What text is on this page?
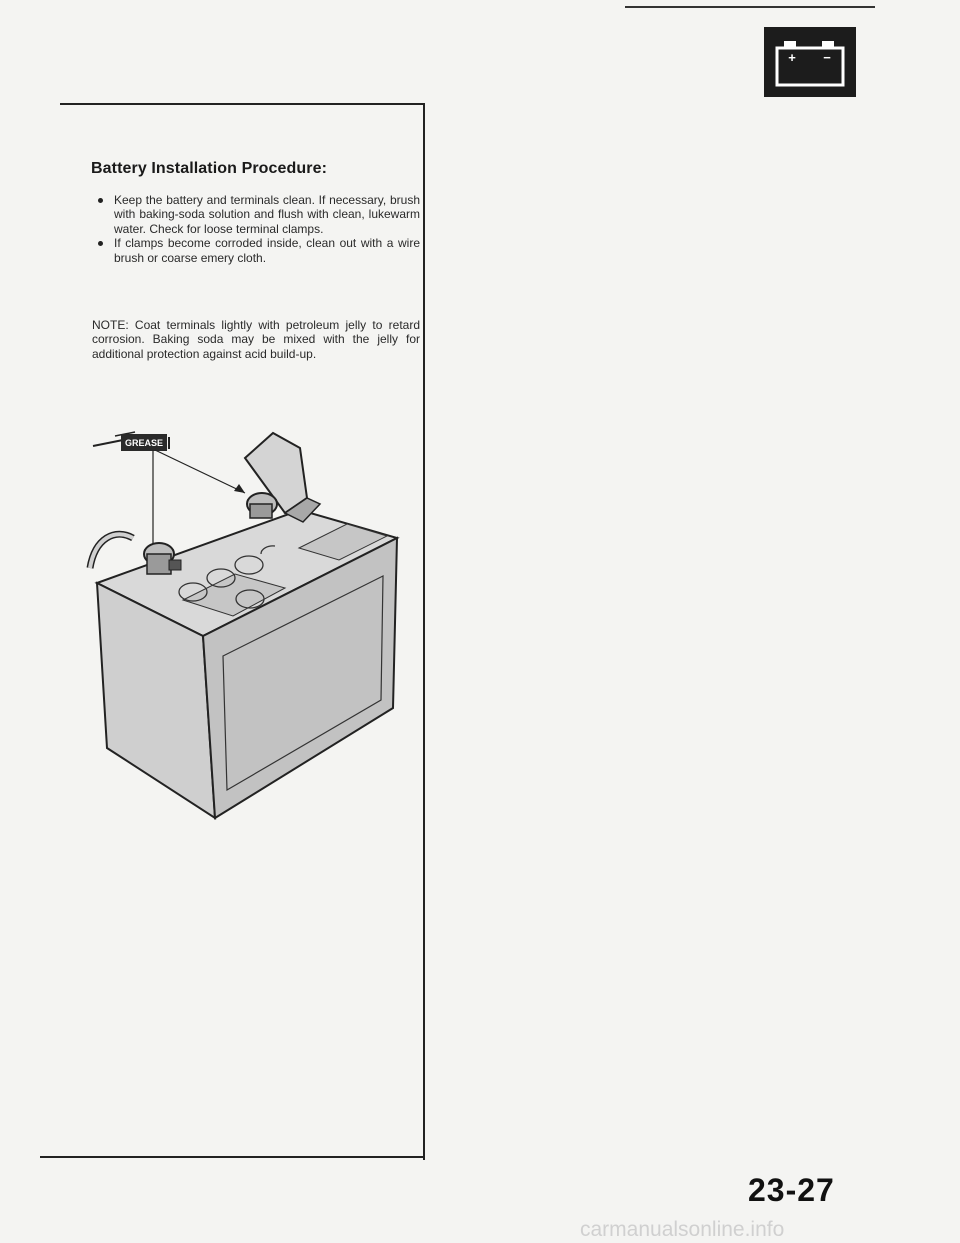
+ −
Battery Installation Procedure:
Keep the battery and terminals clean. If necessary, brush with baking-soda solution and flush with clean, lukewarm water. Check for loose terminal clamps.
If clamps become corroded inside, clean out with a wire brush or coarse emery cloth.

NOTE: Coat terminals lightly with petroleum jelly to retard corrosion. Baking soda may be mixed with the jelly for additional protection against acid build-up.

GREASE
23-27
carmanualsonline.info
